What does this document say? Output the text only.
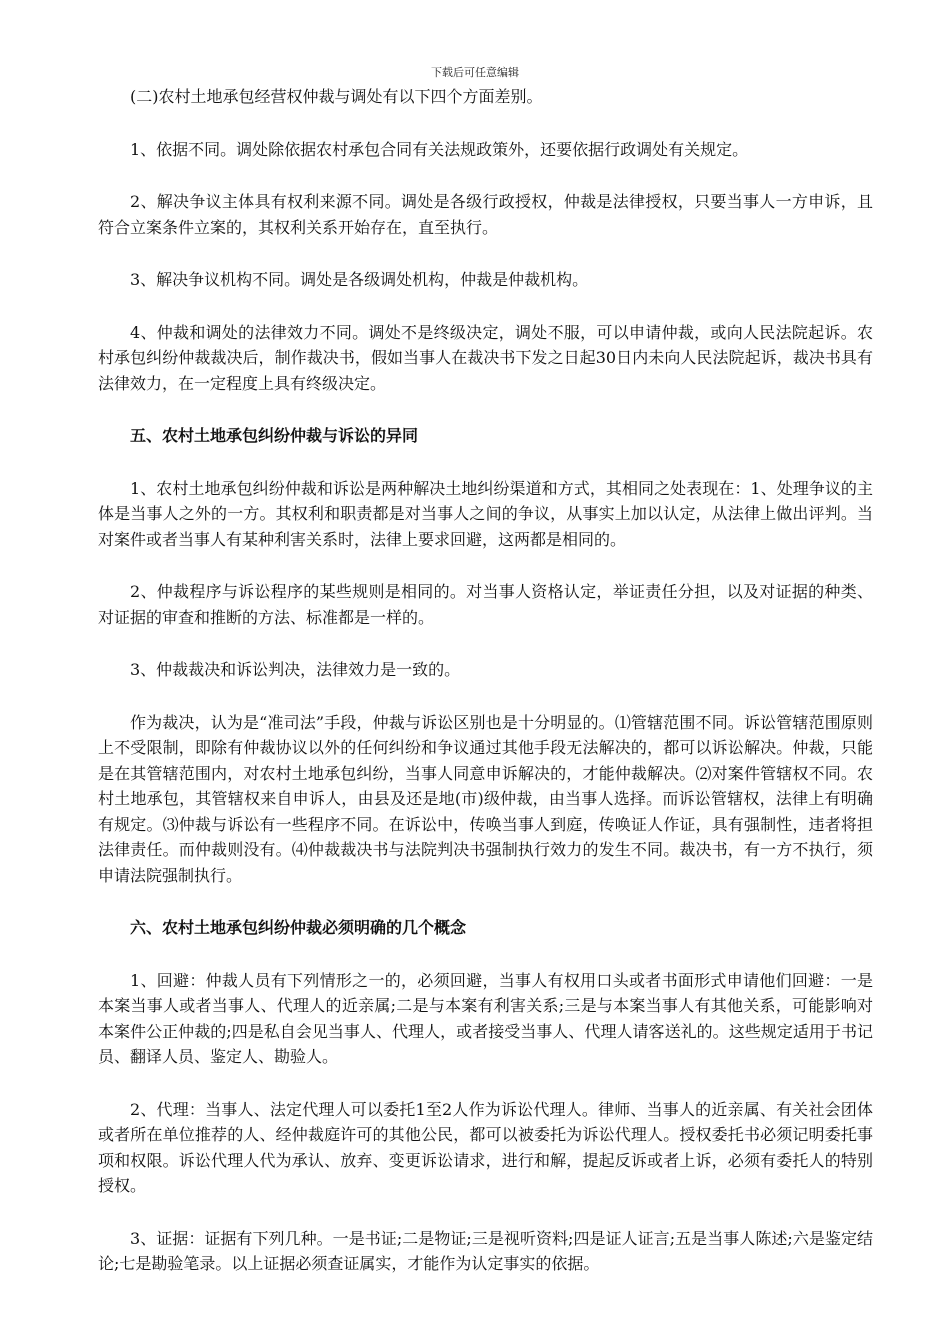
下载后可任意编辑

(二)农村土地承包经营权仲裁与调处有以下四个方面差别。

1、依据不同。调处除依据农村承包合同有关法规政策外，还要依据行政调处有关规定。

2、解决争议主体具有权利来源不同。调处是各级行政授权，仲裁是法律授权，只要当事人一方申诉，且符合立案条件立案的，其权利关系开始存在，直至执行。

3、解决争议机构不同。调处是各级调处机构，仲裁是仲裁机构。

4、仲裁和调处的法律效力不同。调处不是终级决定，调处不服，可以申请仲裁，或向人民法院起诉。农村承包纠纷仲裁裁决后，制作裁决书，假如当事人在裁决书下发之日起30日内未向人民法院起诉，裁决书具有法律效力，在一定程度上具有终级决定。

五、农村土地承包纠纷仲裁与诉讼的异同

1、农村土地承包纠纷仲裁和诉讼是两种解决土地纠纷渠道和方式，其相同之处表现在：1、处理争议的主体是当事人之外的一方。其权利和职责都是对当事人之间的争议，从事实上加以认定，从法律上做出评判。当对案件或者当事人有某种利害关系时，法律上要求回避，这两都是相同的。

2、仲裁程序与诉讼程序的某些规则是相同的。对当事人资格认定，举证责任分担，以及对证据的种类、对证据的审查和推断的方法、标准都是一样的。

3、仲裁裁决和诉讼判决，法律效力是一致的。

作为裁决，认为是“准司法”手段，仲裁与诉讼区别也是十分明显的。⑴管辖范围不同。诉讼管辖范围原则上不受限制，即除有仲裁协议以外的任何纠纷和争议通过其他手段无法解决的，都可以诉讼解决。仲裁，只能是在其管辖范围内，对农村土地承包纠纷，当事人同意申诉解决的，才能仲裁解决。⑵对案件管辖权不同。农村土地承包，其管辖权来自申诉人，由县及还是地(市)级仲裁，由当事人选择。而诉讼管辖权，法律上有明确有规定。⑶仲裁与诉讼有一些程序不同。在诉讼中，传唤当事人到庭，传唤证人作证，具有强制性，违者将担法律责任。而仲裁则没有。⑷仲裁裁决书与法院判决书强制执行效力的发生不同。裁决书，有一方不执行，须申请法院强制执行。

六、农村土地承包纠纷仲裁必须明确的几个概念

1、回避：仲裁人员有下列情形之一的，必须回避，当事人有权用口头或者书面形式申请他们回避：一是本案当事人或者当事人、代理人的近亲属;二是与本案有利害关系;三是与本案当事人有其他关系，可能影响对本案件公正仲裁的;四是私自会见当事人、代理人，或者接受当事人、代理人请客送礼的。这些规定适用于书记员、翻译人员、鉴定人、勘验人。

2、代理：当事人、法定代理人可以委托1至2人作为诉讼代理人。律师、当事人的近亲属、有关社会团体或者所在单位推荐的人、经仲裁庭许可的其他公民，都可以被委托为诉讼代理人。授权委托书必须记明委托事项和权限。诉讼代理人代为承认、放弃、变更诉讼请求，进行和解，提起反诉或者上诉，必须有委托人的特别授权。

3、证据：证据有下列几种。一是书证;二是物证;三是视听资料;四是证人证言;五是当事人陈述;六是鉴定结论;七是勘验笔录。以上证据必须查证属实，才能作为认定事实的依据。
